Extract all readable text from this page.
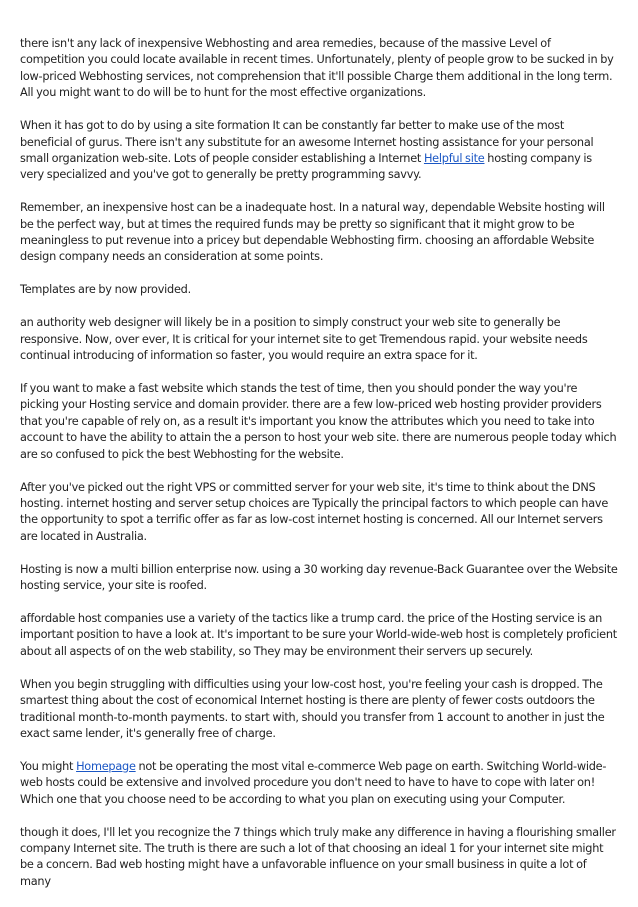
there isn't any lack of inexpensive Webhosting and area remedies, because of the massive Level of competition you could locate available in recent times. Unfortunately, plenty of people grow to be sucked in by low-priced Webhosting services, not comprehension that it'll possible Charge them additional in the long term. All you might want to do will be to hunt for the most effective organizations.

When it has got to do by using a site formation It can be constantly far better to make use of the most beneficial of gurus. There isn't any substitute for an awesome Internet hosting assistance for your personal small organization web-site. Lots of people consider establishing a Internet Helpful site hosting company is very specialized and you've got to generally be pretty programming savvy.

Remember, an inexpensive host can be a inadequate host. In a natural way, dependable Website hosting will be the perfect way, but at times the required funds may be pretty so significant that it might grow to be meaningless to put revenue into a pricey but dependable Webhosting firm. choosing an affordable Website design company needs an consideration at some points.

Templates are by now provided.

an authority web designer will likely be in a position to simply construct your web site to generally be responsive. Now, over ever, It is critical for your internet site to get Tremendous rapid. your website needs continual introducing of information so faster, you would require an extra space for it.

If you want to make a fast website which stands the test of time, then you should ponder the way you're picking your Hosting service and domain provider. there are a few low-priced web hosting provider providers that you're capable of rely on, as a result it's important you know the attributes which you need to take into account to have the ability to attain the a person to host your web site. there are numerous people today which are so confused to pick the best Webhosting for the website.

After you've picked out the right VPS or committed server for your web site, it's time to think about the DNS hosting. internet hosting and server setup choices are Typically the principal factors to which people can have the opportunity to spot a terrific offer as far as low-cost internet hosting is concerned. All our Internet servers are located in Australia.

Hosting is now a multi billion enterprise now. using a 30 working day revenue-Back Guarantee over the Website hosting service, your site is roofed.

affordable host companies use a variety of the tactics like a trump card. the price of the Hosting service is an important position to have a look at. It's important to be sure your World-wide-web host is completely proficient about all aspects of on the web stability, so They may be environment their servers up securely.

When you begin struggling with difficulties using your low-cost host, you're feeling your cash is dropped. The smartest thing about the cost of economical Internet hosting is there are plenty of fewer costs outdoors the traditional month-to-month payments. to start with, should you transfer from 1 account to another in just the exact same lender, it's generally free of charge.

You might Homepage not be operating the most vital e-commerce Web page on earth. Switching World-wide-web hosts could be extensive and involved procedure you don't need to have to have to cope with later on! Which one that you choose need to be according to what you plan on executing using your Computer.

though it does, I'll let you recognize the 7 things which truly make any difference in having a flourishing smaller company Internet site. The truth is there are such a lot of that choosing an ideal 1 for your internet site might be a concern. Bad web hosting might have a unfavorable influence on your small business in quite a lot of many
